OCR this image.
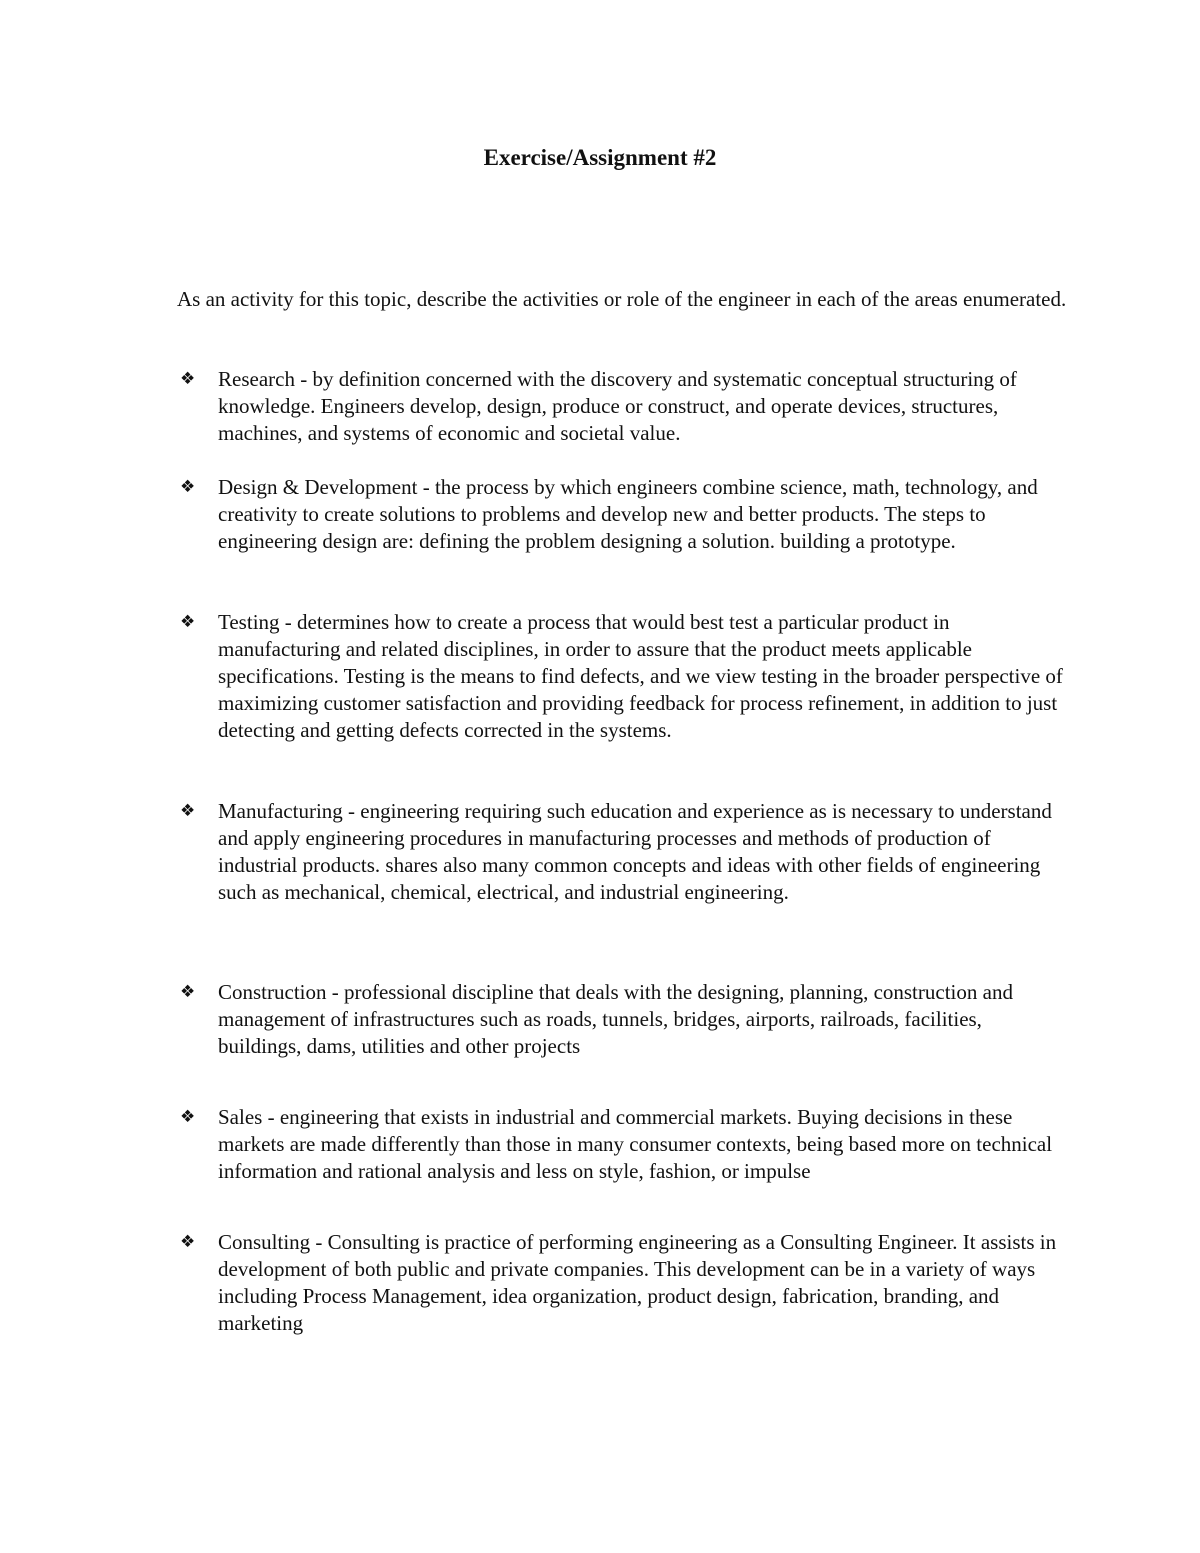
Exercise/Assignment #2

As an activity for this topic, describe the activities or role of the engineer in each of the areas enumerated.

❖	Research - by definition concerned with the discovery and systematic conceptual structuring of knowledge. Engineers develop, design, produce or construct, and operate devices, structures, machines, and systems of economic and societal value.
❖	Design & Development - the process by which engineers combine science, math, technology, and creativity to create solutions to problems and develop new and better products. The steps to engineering design are: defining the problem designing a solution. building a prototype.
❖	Testing - determines how to create a process that would best test a particular product in manufacturing and related disciplines, in order to assure that the product meets applicable specifications. Testing is the means to find defects, and we view testing in the broader perspective of maximizing customer satisfaction and providing feedback for process refinement, in addition to just detecting and getting defects corrected in the systems.
❖	Manufacturing - engineering requiring such education and experience as is necessary to understand and apply engineering procedures in manufacturing processes and methods of production of industrial products. shares also many common concepts and ideas with other fields of engineering such as mechanical, chemical, electrical, and industrial engineering.
❖	Construction - professional discipline that deals with the designing, planning, construction and management of infrastructures such as roads, tunnels, bridges, airports, railroads, facilities, buildings, dams, utilities and other projects
❖	Sales - engineering that exists in industrial and commercial markets. Buying decisions in these markets are made differently than those in many consumer contexts, being based more on technical information and rational analysis and less on style, fashion, or impulse
❖	Consulting - Consulting is practice of performing engineering as a Consulting Engineer. It assists in development of both public and private companies. This development can be in a variety of ways including Process Management, idea organization, product design, fabrication, branding, and marketing
